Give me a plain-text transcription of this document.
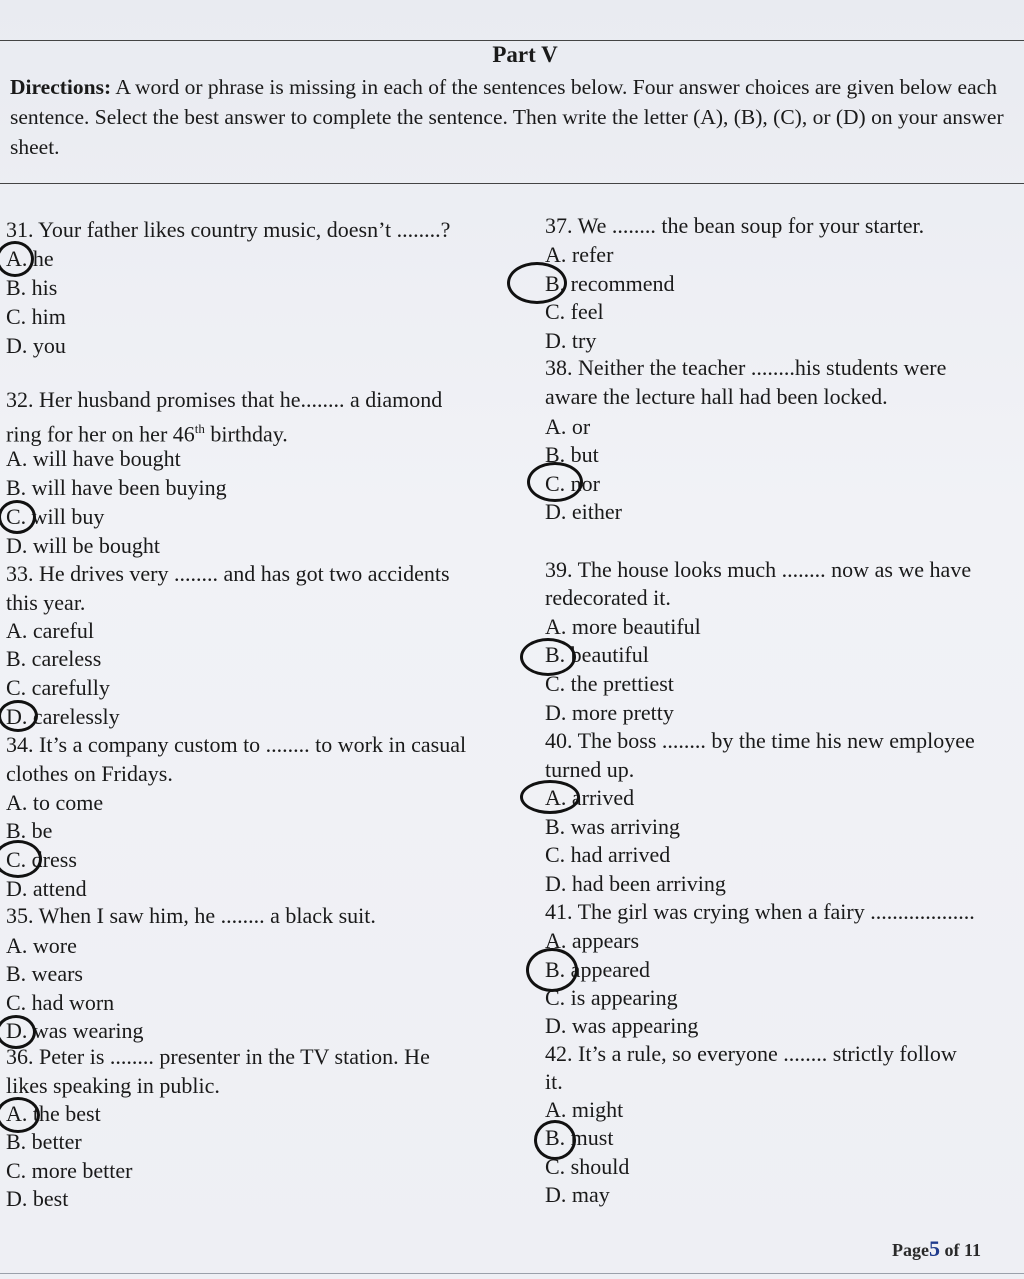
Part V
Directions: A word or phrase is missing in each of the sentences below. Four answer choices are given below each sentence. Select the best answer to complete the sentence. Then write the letter (A), (B), (C), or (D) on your answer sheet.
31. Your father likes country music, doesn’t ........?
A. he
B. his
C. him
D. you
32. Her husband promises that he........ a diamond
ring for her on her 46th birthday.
A. will have bought
B. will have been buying
C. will buy
D. will be bought
33. He drives very ........ and has got two accidents
this year.
A. careful
B. careless
C. carefully
D. carelessly
34. It’s a company custom to ........ to work in casual
clothes on Fridays.
A. to come
B. be
C. dress
D. attend
35. When I saw him, he ........ a black suit.
A. wore
B. wears
C. had worn
D. was wearing
36. Peter is ........ presenter in the TV station. He
likes speaking in public.
A. the best
B. better
C. more better
D. best
37. We ........ the bean soup for your starter.
A. refer
B. recommend
C. feel
D. try
38. Neither the teacher ........his students were
aware the lecture hall had been locked.
A. or
B. but
C. nor
D. either
39. The house looks much ........ now as we have
redecorated it.
A. more beautiful
B. beautiful
C. the prettiest
D. more pretty
40. The boss ........ by the time his new employee
turned up.
A. arrived
B. was arriving
C. had arrived
D. had been arriving
41. The girl was crying when a fairy ...................
A. appears
B. appeared
C. is appearing
D. was appearing
42. It’s a rule, so everyone ........ strictly follow
it.
A. might
B. must
C. should
D. may
Page5 of 11
